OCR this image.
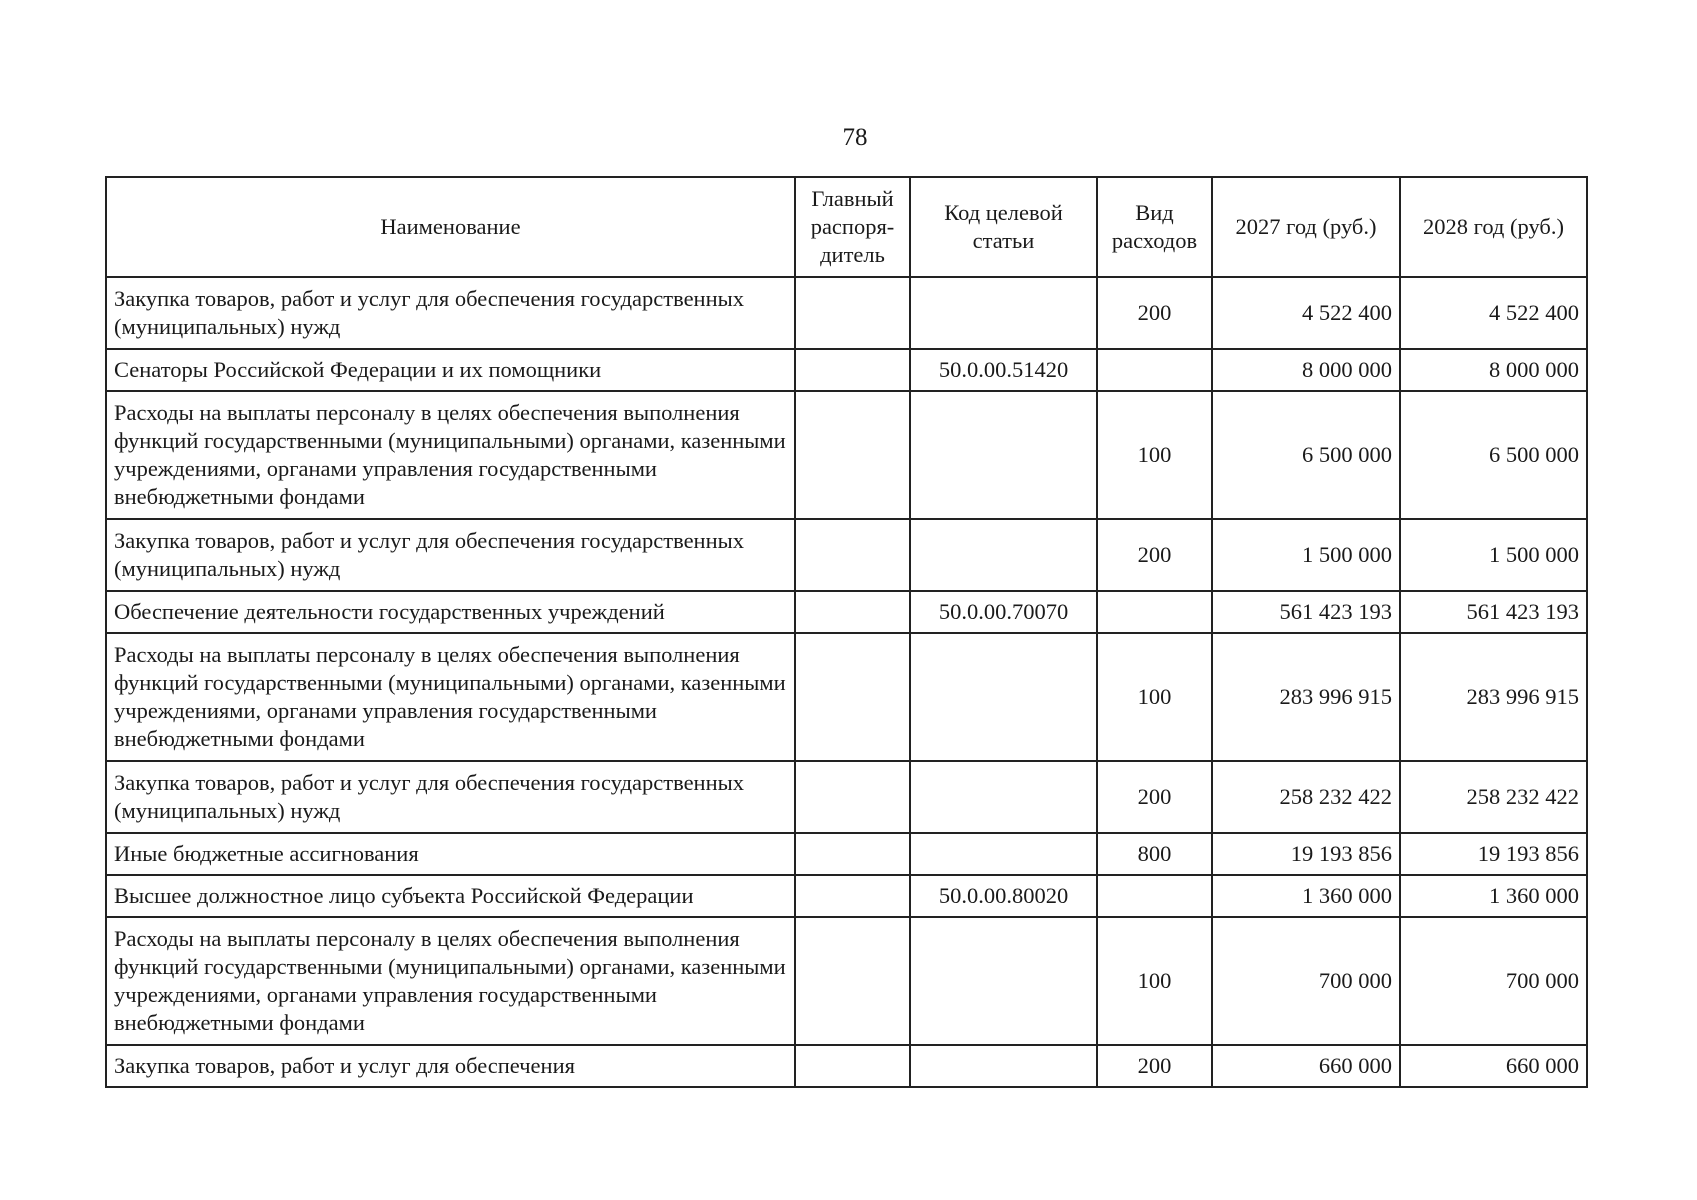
78
Наименование	Главный распоря-дитель	Код целевой статьи	Вид расходов	2027 год (руб.)	2028 год (руб.)
Закупка товаров, работ и услуг для обеспечения государственных (муниципальных) нужд			200	4 522 400	4 522 400
Сенаторы Российской Федерации и их помощники		50.0.00.51420		8 000 000	8 000 000
Расходы на выплаты персоналу в целях обеспечения выполнения функций государственными (муниципальными) органами, казенными учреждениями, органами управления государственными внебюджетными фондами			100	6 500 000	6 500 000
Закупка товаров, работ и услуг для обеспечения государственных (муниципальных) нужд			200	1 500 000	1 500 000
Обеспечение деятельности государственных учреждений		50.0.00.70070		561 423 193	561 423 193
Расходы на выплаты персоналу в целях обеспечения выполнения функций государственными (муниципальными) органами, казенными учреждениями, органами управления государственными внебюджетными фондами			100	283 996 915	283 996 915
Закупка товаров, работ и услуг для обеспечения государственных (муниципальных) нужд			200	258 232 422	258 232 422
Иные бюджетные ассигнования			800	19 193 856	19 193 856
Высшее должностное лицо субъекта Российской Федерации		50.0.00.80020		1 360 000	1 360 000
Расходы на выплаты персоналу в целях обеспечения выполнения функций государственными (муниципальными) органами, казенными учреждениями, органами управления государственными внебюджетными фондами			100	700 000	700 000
Закупка товаров, работ и услуг для обеспечения			200	660 000	660 000
